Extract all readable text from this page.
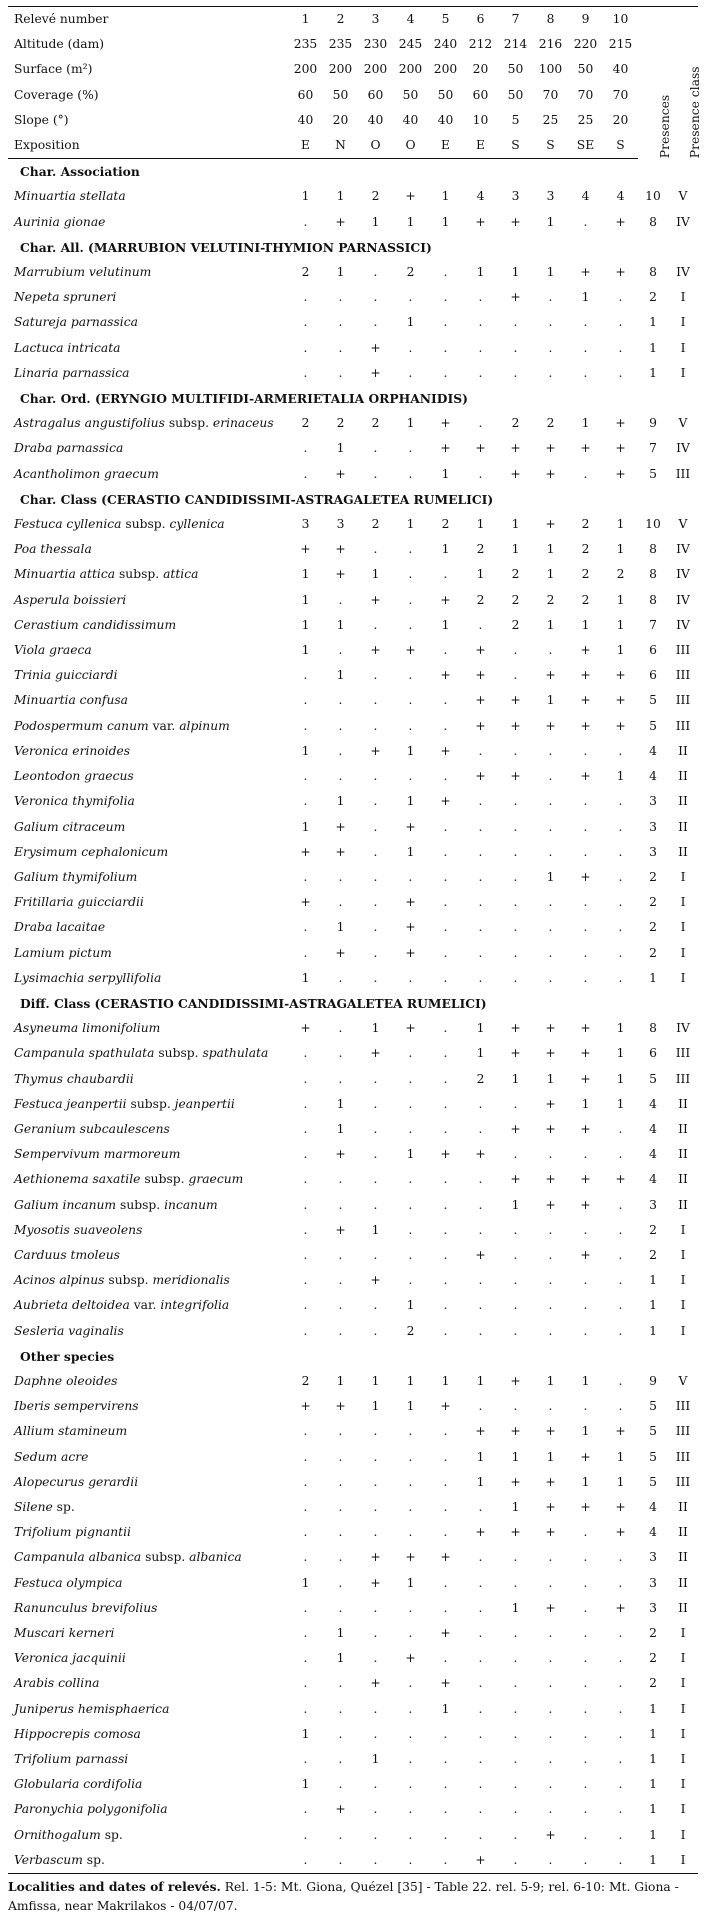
Relevé number	1	2	3	4	5	6	7	8	9	10	Presences	Presence class

Altitude (dam)	235	235	230	245	240	212	214	216	220	215		
Surface (m²)	200	200	200	200	200	20	50	100	50	40		
Coverage (%)	60	50	60	50	50	60	50	70	70	70		
Slope (°)	40	20	40	40	40	10	5	25	25	20		
Exposition	E	N	O	O	E	E	S	S	SE	S		
Char. Association												
Minuartia stellata	1	1	2	+	1	4	3	3	4	4	10	V
Aurinia gionae	.	+	1	1	1	+	+	1	.	+	8	IV
Char. All. (MARRUBION VELUTINI-THYMION PARNASSICI)												
Marrubium velutinum	2	1	.	2	.	1	1	1	+	+	8	IV
Nepeta spruneri	.	.	.	.	.	.	+	.	1	.	2	I
Satureja parnassica	.	.	.	1	.	.	.	.	.	.	1	I
Lactuca intricata	.	.	+	.	.	.	.	.	.	.	1	I
Linaria parnassica	.	.	+	.	.	.	.	.	.	.	1	I
Char. Ord. (ERYNGIO MULTIFIDI-ARMERIETALIA ORPHANIDIS)												
Astragalus angustifolius subsp. erinaceus	2	2	2	1	+	.	2	2	1	+	9	V
Draba parnassica	.	1	.	.	+	+	+	+	+	+	7	IV
Acantholimon graecum	.	+	.	.	1	.	+	+	.	+	5	III
Char. Class (CERASTIO CANDIDISSIMI-ASTRAGALETEA RUMELICI)												
Festuca cyllenica subsp. cyllenica	3	3	2	1	2	1	1	+	2	1	10	V
Poa thessala	+	+	.	.	1	2	1	1	2	1	8	IV
Minuartia attica subsp. attica	1	+	1	.	.	1	2	1	2	2	8	IV
Asperula boissieri	1	.	+	.	+	2	2	2	2	1	8	IV
Cerastium candidissimum	1	1	.	.	1	.	2	1	1	1	7	IV
Viola graeca	1	.	+	+	.	+	.	.	+	1	6	III
Trinia guicciardi	.	1	.	.	+	+	.	+	+	+	6	III
Minuartia confusa	.	.	.	.	.	+	+	1	+	+	5	III
Podospermum canum var. alpinum	.	.	.	.	.	+	+	+	+	+	5	III
Veronica erinoides	1	.	+	1	+	.	.	.	.	.	4	II
Leontodon graecus	.	.	.	.	.	+	+	.	+	1	4	II
Veronica thymifolia	.	1	.	1	+	.	.	.	.	.	3	II
Galium citraceum	1	+	.	+	.	.	.	.	.	.	3	II
Erysimum cephalonicum	+	+	.	1	.	.	.	.	.	.	3	II
Galium thymifolium	.	.	.	.	.	.	.	1	+	.	2	I
Fritillaria guicciardii	+	.	.	+	.	.	.	.	.	.	2	I
Draba lacaitae	.	1	.	+	.	.	.	.	.	.	2	I
Lamium pictum	.	+	.	+	.	.	.	.	.	.	2	I
Lysimachia serpyllifolia	1	.	.	.	.	.	.	.	.	.	1	I
Diff. Class (CERASTIO CANDIDISSIMI-ASTRAGALETEA RUMELICI)												
Asyneuma limonifolium	+	.	1	+	.	1	+	+	+	1	8	IV
Campanula spathulata subsp. spathulata	.	.	+	.	.	1	+	+	+	1	6	III
Thymus chaubardii	.	.	.	.	.	2	1	1	+	1	5	III
Festuca jeanpertii subsp. jeanpertii	.	1	.	.	.	.	.	+	1	1	4	II
Geranium subcaulescens	.	1	.	.	.	.	+	+	+	.	4	II
Sempervivum marmoreum	.	+	.	1	+	+	.	.	.	.	4	II
Aethionema saxatile subsp. graecum	.	.	.	.	.	.	+	+	+	+	4	II
Galium incanum subsp. incanum	.	.	.	.	.	.	1	+	+	.	3	II
Myosotis suaveolens	.	+	1	.	.	.	.	.	.	.	2	I
Carduus tmoleus	.	.	.	.	.	+	.	.	+	.	2	I
Acinos alpinus subsp. meridionalis	.	.	+	.	.	.	.	.	.	.	1	I
Aubrieta deltoidea var. integrifolia	.	.	.	1	.	.	.	.	.	.	1	I
Sesleria vaginalis	.	.	.	2	.	.	.	.	.	.	1	I
Other species												
Daphne oleoides	2	1	1	1	1	1	+	1	1	.	9	V
Iberis sempervirens	+	+	1	1	+	.	.	.	.	.	5	III
Allium stamineum	.	.	.	.	.	+	+	+	1	+	5	III
Sedum acre	.	.	.	.	.	1	1	1	+	1	5	III
Alopecurus gerardii	.	.	.	.	.	1	+	+	1	1	5	III
Silene sp.	.	.	.	.	.	.	1	+	+	+	4	II
Trifolium pignantii	.	.	.	.	.	+	+	+	.	+	4	II
Campanula albanica subsp. albanica	.	.	+	+	+	.	.	.	.	.	3	II
Festuca olympica	1	.	+	1	.	.	.	.	.	.	3	II
Ranunculus brevifolius	.	.	.	.	.	.	1	+	.	+	3	II
Muscari kerneri	.	1	.	.	+	.	.	.	.	.	2	I
Veronica jacquinii	.	1	.	+	.	.	.	.	.	.	2	I
Arabis collina	.	.	+	.	+	.	.	.	.	.	2	I
Juniperus hemisphaerica	.	.	.	.	1	.	.	.	.	.	1	I
Hippocrepis comosa	1	.	.	.	.	.	.	.	.	.	1	I
Trifolium parnassi	.	.	1	.	.	.	.	.	.	.	1	I
Globularia cordifolia	1	.	.	.	.	.	.	.	.	.	1	I
Paronychia polygonifolia	.	+	.	.	.	.	.	.	.	.	1	I
Ornithogalum sp.	.	.	.	.	.	.	.	+	.	.	1	I
Verbascum sp.	.	.	.	.	.	+	.	.	.	.	1	I
Localities and dates of relevés. Rel. 1-5: Mt. Giona, Quézel [35] - Table 22. rel. 5-9; rel. 6-10: Mt. Giona - Amfissa, near Makrilakos - 04/07/07.
